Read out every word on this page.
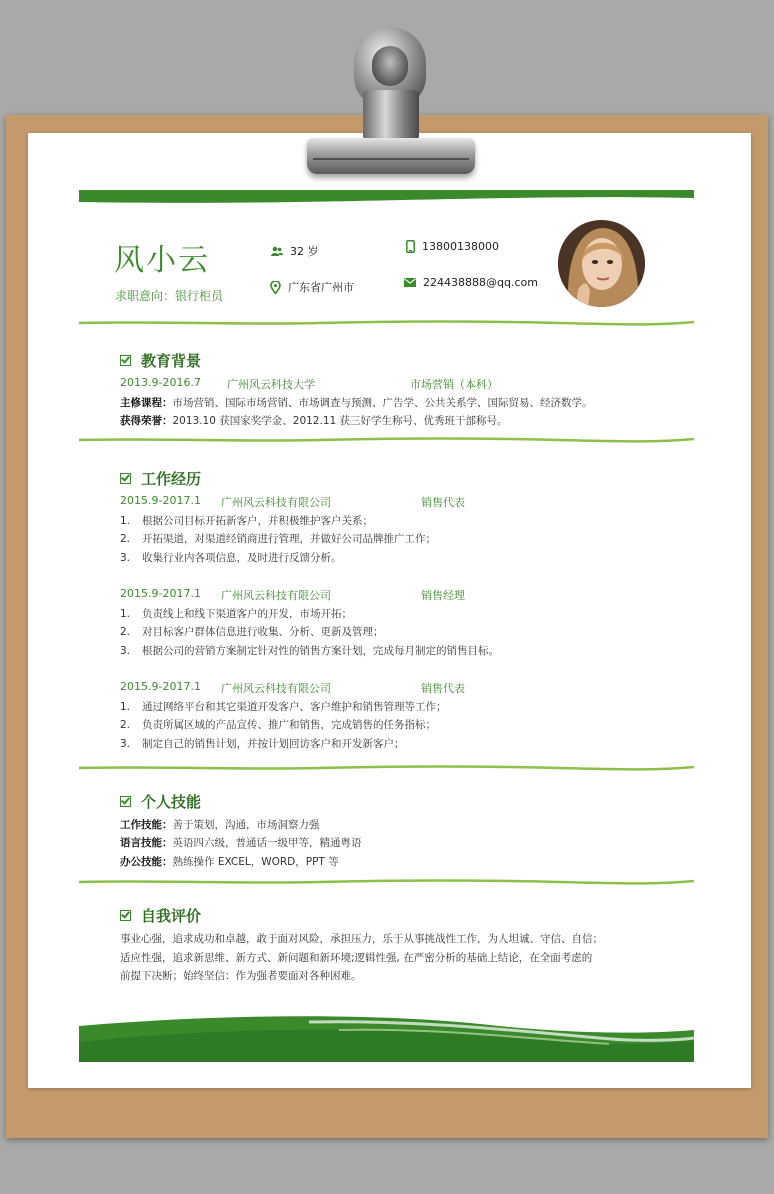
风小云
求职意向：银行柜员
32 岁
广东省广州市
13800138000
224438888@qq.com
教育背景
2013.9-2016.7 广州风云科技大学	市场营销（本科）
主修课程：市场营销、国际市场营销、市场调查与预测、广告学、公共关系学、国际贸易、经济数学。
获得荣誉：2013.10 获国家奖学金、2012.11 获三好学生称号、优秀班干部称号。
工作经历
2015.9-2017.1 广州风云科技有限公司	销售代表
1. 根据公司目标开拓新客户，并积极维护客户关系；
2. 开拓渠道，对渠道经销商进行管理，并做好公司品牌推广工作；
3. 收集行业内各项信息，及时进行反馈分析。
2015.9-2017.1 广州风云科技有限公司	销售经理
1. 负责线上和线下渠道客户的开发，市场开拓；
2. 对目标客户群体信息进行收集、分析、更新及管理；
3. 根据公司的营销方案制定针对性的销售方案计划，完成每月制定的销售目标。
2015.9-2017.1 广州风云科技有限公司	销售代表
1. 通过网络平台和其它渠道开发客户、客户维护和销售管理等工作；
2. 负责所属区域的产品宣传、推广和销售，完成销售的任务指标；
3. 制定自己的销售计划，并按计划回访客户和开发新客户；
个人技能
工作技能：善于策划，沟通，市场洞察力强
语言技能：英语四六级，普通话一级甲等，精通粤语
办公技能：熟练操作 EXCEL，WORD，PPT 等
自我评价
事业心强，追求成功和卓越，敢于面对风险，承担压力，乐于从事挑战性工作，为人坦诚、守信、自信；
适应性强，追求新思维、新方式、新问题和新环境;逻辑性强, 在严密分析的基础上结论，在全面考虑的
前提下决断；始终坚信：作为强者要面对各种困难。
